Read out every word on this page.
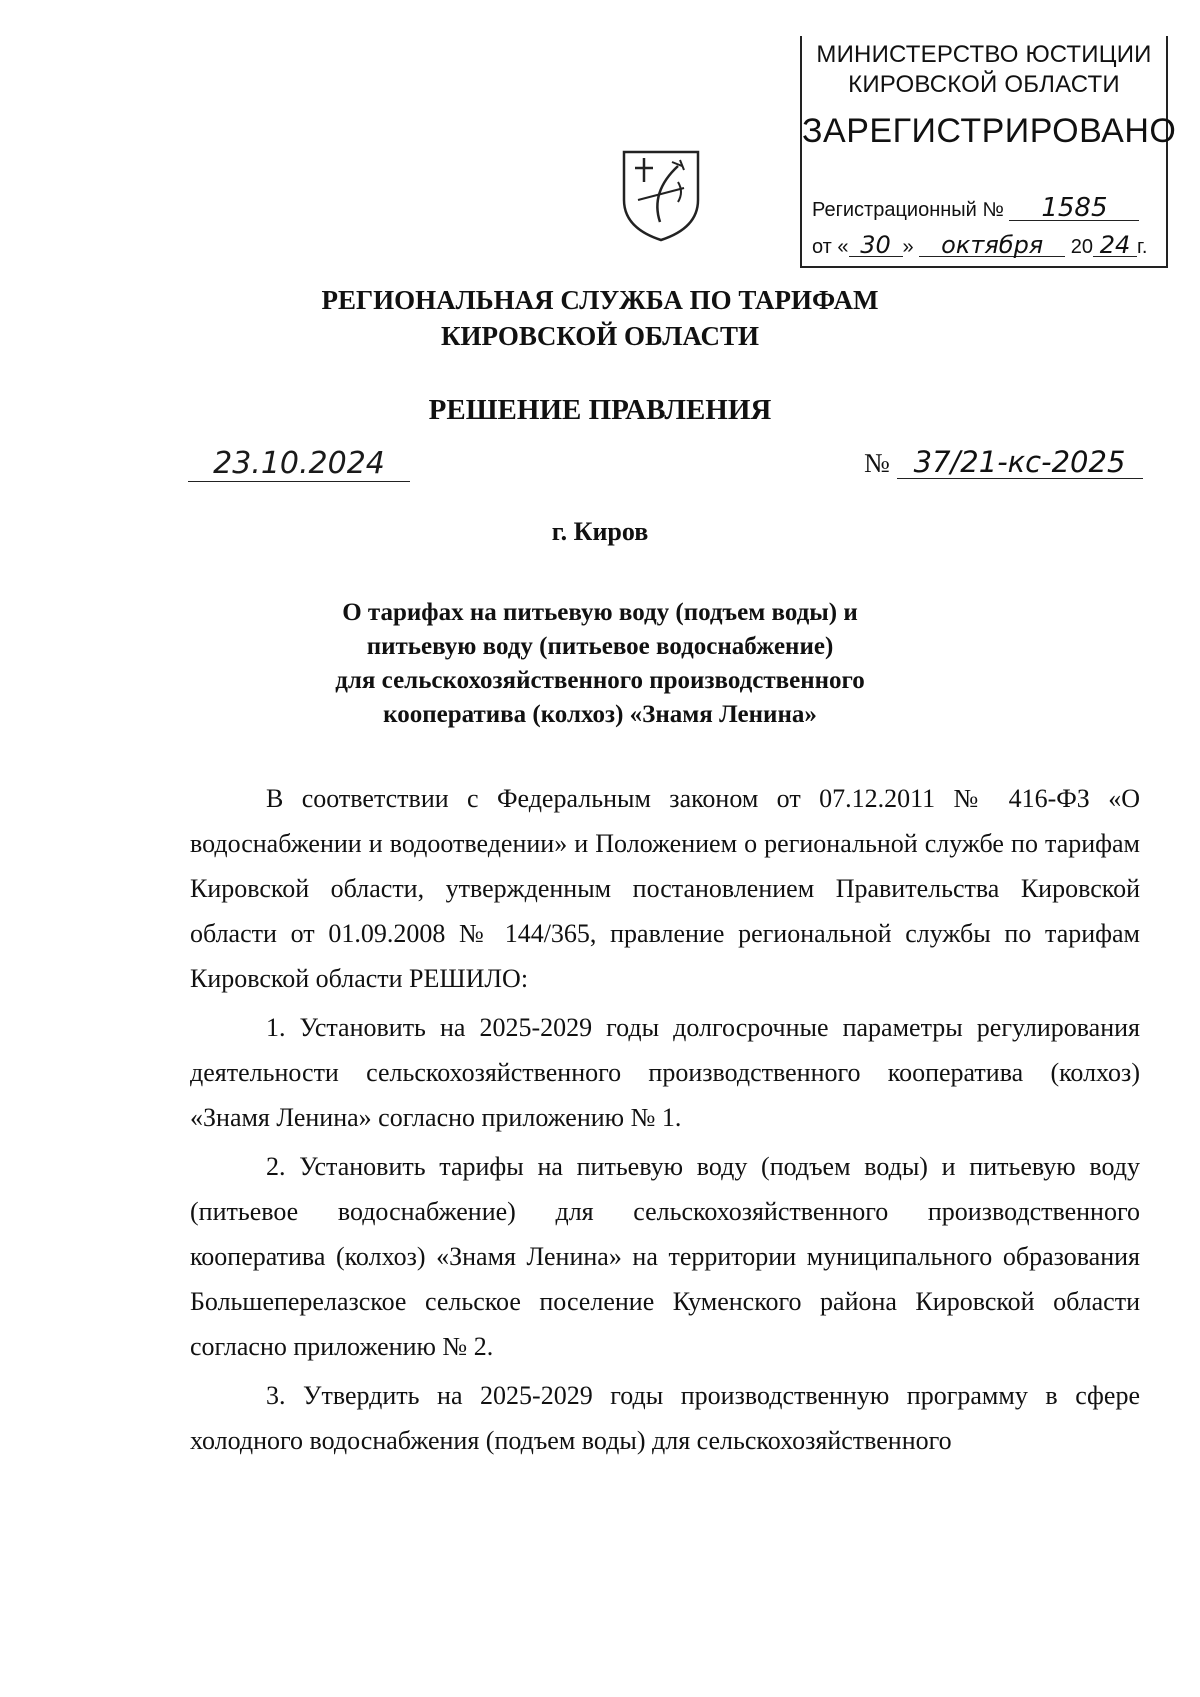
МИНИСТЕРСТВО ЮСТИЦИИ
КИРОВСКОЙ ОБЛАСТИ
ЗАРЕГИСТРИРОВАНО
Регистрационный № 1585
от « 30 » октября 20 24 г.
РЕГИОНАЛЬНАЯ СЛУЖБА ПО ТАРИФАМ
КИРОВСКОЙ ОБЛАСТИ
РЕШЕНИЕ ПРАВЛЕНИЯ
23.10.2024	№ 37/21-кс-2025
г. Киров
О тарифах на питьевую воду (подъем воды) и
питьевую воду (питьевое водоснабжение)
для сельскохозяйственного производственного
кооператива (колхоз) «Знамя Ленина»

В соответствии с Федеральным законом от 07.12.2011 № 416-ФЗ «О водоснабжении и водоотведении» и Положением о региональной службе по тарифам Кировской области, утвержденным постановлением Правительства Кировской области от 01.09.2008 № 144/365, правление региональной службы по тарифам Кировской области РЕШИЛО:

1. Установить на 2025-2029 годы долгосрочные параметры регулирования деятельности сельскохозяйственного производственного кооператива (колхоз) «Знамя Ленина» согласно приложению № 1.

2. Установить тарифы на питьевую воду (подъем воды) и питьевую воду (питьевое водоснабжение) для сельскохозяйственного производственного кооператива (колхоз) «Знамя Ленина» на территории муниципального образования Большеперелазское сельское поселение Куменского района Кировской области согласно приложению № 2.

3. Утвердить на 2025-2029 годы производственную программу в сфере холодного водоснабжения (подъем воды) для сельскохозяйственного
